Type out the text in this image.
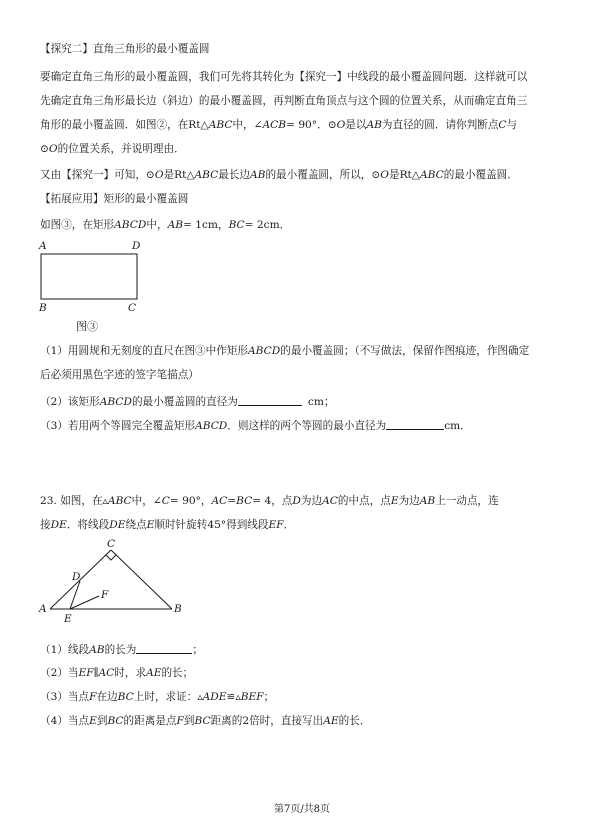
【探究二】直角三角形的最小覆盖圆
要确定直角三角形的最小覆盖圆，我们可先将其转化为【探究一】中线段的最小覆盖圆问题．这样就可以
先确定直角三角形最长边（斜边）的最小覆盖圆，再判断直角顶点与这个圆的位置关系，从而确定直角三
角形的最小覆盖圆．如图②，在Rt△ABC中，∠ACB= 90°．⊙O是以AB为直径的圆．请你判断点C与
⊙O的位置关系，并说明理由．
又由【探究一】可知，⊙O是Rt△ABC最长边AB的最小覆盖圆，所以，⊙O是Rt△ABC的最小覆盖圆．
【拓展应用】矩形的最小覆盖圆
如图③，在矩形ABCD中，AB= 1cm，BC= 2cm．
A	D
B	C
图③
（1）用圆规和无刻度的直尺在图③中作矩形ABCD的最小覆盖圆；（不写做法，保留作图痕迹，作图确定
后必须用黑色字迹的签字笔描点）
（2）该矩形ABCD的最小覆盖圆的直径为	cm；
（3）若用两个等圆完全覆盖矩形ABCD．则这样的两个等圆的最小直径为	cm．
23. 如图，在▵ABC中，∠C= 90°，AC=BC= 4，点D为边AC的中点，点E为边AB上一动点，连
接DE．将线段DE绕点E顺时针旋转45°得到线段EF．
C
D
F
A
E
B
（1）线段AB的长为	；
（2）当EF∥AC时，求AE的长；
（3）当点F在边BC上时，求证：▵ADE≌▵BEF；
（4）当点E到BC的距离是点F到BC距离的2倍时，直接写出AE的长．
第7页/共8页
